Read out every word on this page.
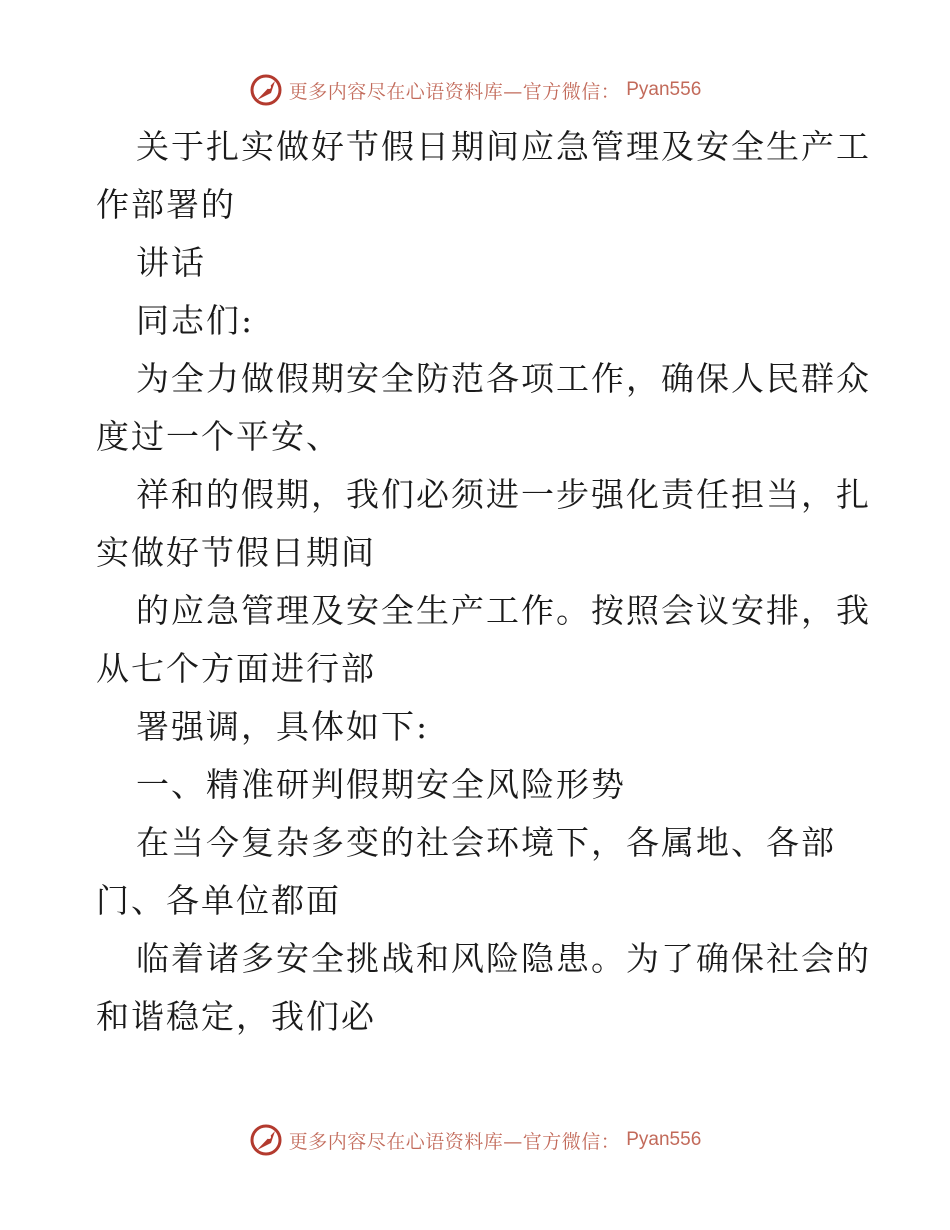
更多内容尽在心语资料库—官方微信： Pyan556
关于扎实做好节假日期间应急管理及安全生产工
作部署的
讲话
同志们:
为全力做假期安全防范各项工作，确保人民群众
度过一个平安、
祥和的假期，我们必须进一步强化责任担当，扎
实做好节假日期间
的应急管理及安全生产工作。按照会议安排，我
从七个方面进行部
署强调，具体如下:
一、精准研判假期安全风险形势
在当今复杂多变的社会环境下，各属地、各部
门、各单位都面
临着诸多安全挑战和风险隐患。为了确保社会的
和谐稳定，我们必
更多内容尽在心语资料库—官方微信： Pyan556
